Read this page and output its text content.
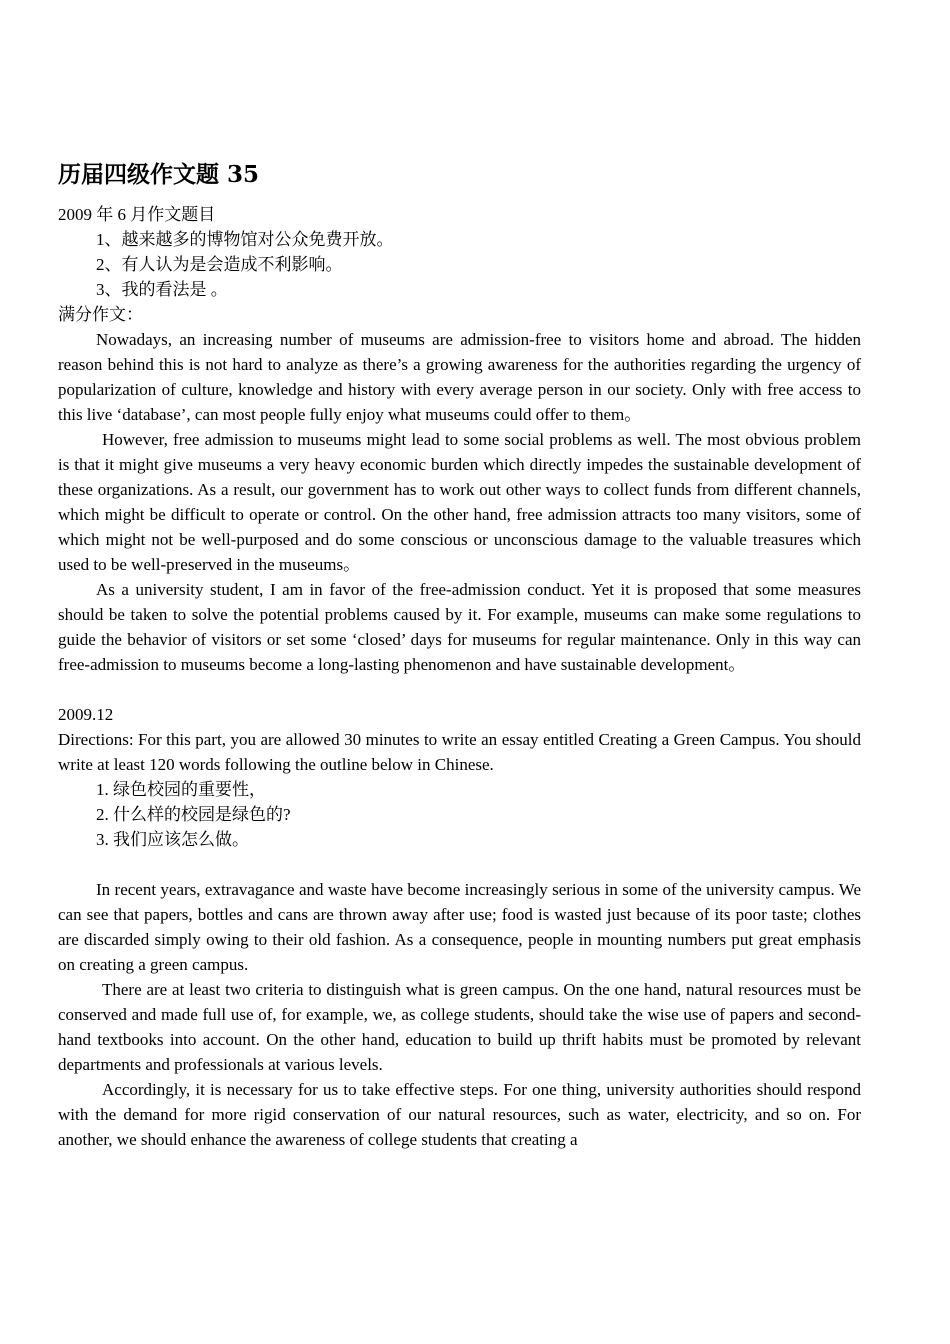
历届四级作文题 35

2009 年 6 月作文题目

1、越来越多的博物馆对公众免费开放。

2、有人认为是会造成不利影响。

3、我的看法是 。

满分作文：

Nowadays, an increasing number of museums are admission-free to visitors home and abroad. The hidden reason behind this is not hard to analyze as there’s a growing awareness for the authorities regarding the urgency of popularization of culture, knowledge and history with every average person in our society. Only with free access to this live ‘database’, can most people fully enjoy what museums could offer to them。

However, free admission to museums might lead to some social problems as well. The most obvious problem is that it might give museums a very heavy economic burden which directly impedes the sustainable development of these organizations. As a result, our government has to work out other ways to collect funds from different channels, which might be difficult to operate or control. On the other hand, free admission attracts too many visitors, some of which might not be well-purposed and do some conscious or unconscious damage to the valuable treasures which used to be well-preserved in the museums。

As a university student, I am in favor of the free-admission conduct. Yet it is proposed that some measures should be taken to solve the potential problems caused by it. For example, museums can make some regulations to guide the behavior of visitors or set some ‘closed’ days for museums for regular maintenance. Only in this way can free-admission to museums become a long-lasting phenomenon and have sustainable development。

2009.12

Directions: For this part, you are allowed 30 minutes to write an essay entitled Creating a Green Campus. You should write at least 120 words following the outline below in Chinese.

1. 绿色校园的重要性，

2. 什么样的校园是绿色的?

3. 我们应该怎么做。

In recent years, extravagance and waste have become increasingly serious in some of the university campus. We can see that papers, bottles and cans are thrown away after use; food is wasted just because of its poor taste; clothes are discarded simply owing to their old fashion. As a consequence, people in mounting numbers put great emphasis on creating a green campus.

There are at least two criteria to distinguish what is green campus. On the one hand, natural resources must be conserved and made full use of, for example, we, as college students, should take the wise use of papers and second-hand textbooks into account. On the other hand, education to build up thrift habits must be promoted by relevant departments and professionals at various levels.

Accordingly, it is necessary for us to take effective steps. For one thing, university authorities should respond with the demand for more rigid conservation of our natural resources, such as water, electricity, and so on. For another, we should enhance the awareness of college students that creating a
